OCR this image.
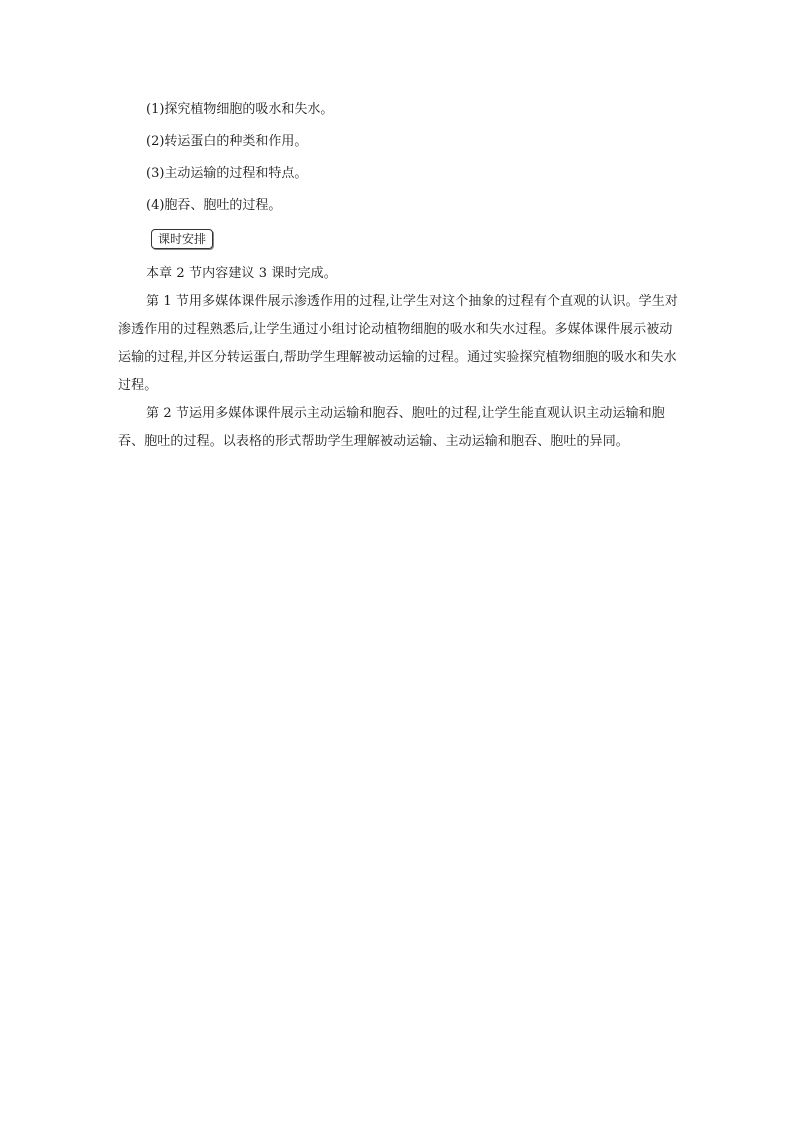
(1)探究植物细胞的吸水和失水。
(2)转运蛋白的种类和作用。
(3)主动运输的过程和特点。
(4)胞吞、胞吐的过程。
课时安排

本章 2 节内容建议 3 课时完成。

第 1 节用多媒体课件展示渗透作用的过程,让学生对这个抽象的过程有个直观的认识。学生对渗透作用的过程熟悉后,让学生通过小组讨论动植物细胞的吸水和失水过程。多媒体课件展示被动运输的过程,并区分转运蛋白,帮助学生理解被动运输的过程。通过实验探究植物细胞的吸水和失水过程。

第 2 节运用多媒体课件展示主动运输和胞吞、胞吐的过程,让学生能直观认识主动运输和胞吞、胞吐的过程。以表格的形式帮助学生理解被动运输、主动运输和胞吞、胞吐的异同。
